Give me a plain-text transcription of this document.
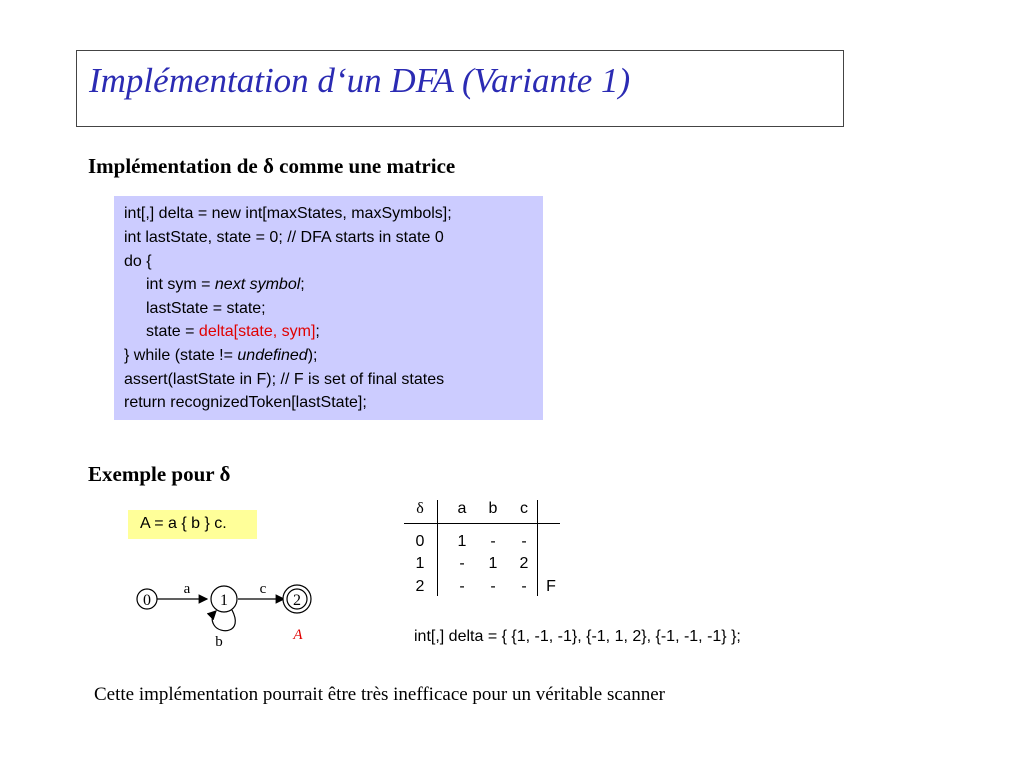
Implémentation d‘un DFA (Variante 1)
Implémentation de δ comme une matrice
int[,] delta = new int[maxStates, maxSymbols];
int lastState, state = 0; // DFA starts in state 0
do {
int sym = next symbol;
lastState = state;
state = delta[state, sym];
} while (state != undefined);
assert(lastState in F); // F is set of final states
return recognizedToken[lastState];
Exemple pour δ
A = a { b } c.
0	1	2
a	c
b	A
δ	a	b	c
0	1	-	-
1	-	1	2
2	-	-	-	F
int[,] delta = { {1, -1, -1}, {-1, 1, 2}, {-1, -1, -1} };
Cette implémentation pourrait être très inefficace pour un véritable scanner
